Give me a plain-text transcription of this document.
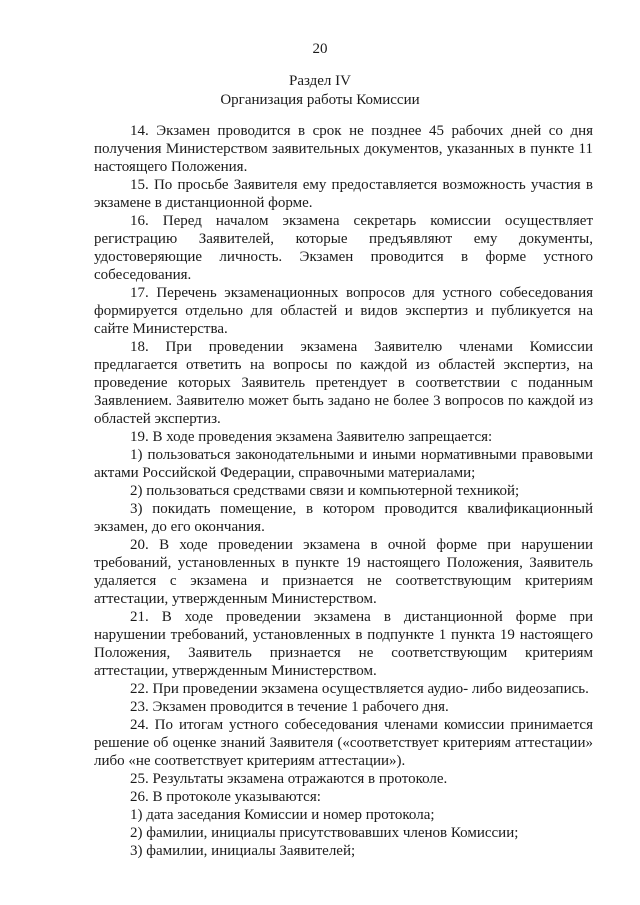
20
Раздел IV
Организация работы Комиссии

14. Экзамен проводится в срок не позднее 45 рабочих дней со дня получения Министерством заявительных документов, указанных в пункте 11 настоящего Положения.

15. По просьбе Заявителя ему предоставляется возможность участия в экзамене в дистанционной форме.

16. Перед началом экзамена секретарь комиссии осуществляет регистрацию Заявителей, которые предъявляют ему документы, удостоверяющие личность. Экзамен проводится в форме устного собеседования.

17. Перечень экзаменационных вопросов для устного собеседования формируется отдельно для областей и видов экспертиз и публикуется на сайте Министерства.

18. При проведении экзамена Заявителю членами Комиссии предлагается ответить на вопросы по каждой из областей экспертиз, на проведение которых Заявитель претендует в соответствии с поданным Заявлением. Заявителю может быть задано не более 3 вопросов по каждой из областей экспертиз.

19. В ходе проведения экзамена Заявителю запрещается:

1) пользоваться законодательными и иными нормативными правовыми актами Российской Федерации, справочными материалами;

2) пользоваться средствами связи и компьютерной техникой;

3) покидать помещение, в котором проводится квалификационный экзамен, до его окончания.

20. В ходе проведении экзамена в очной форме при нарушении требований, установленных в пункте 19 настоящего Положения, Заявитель удаляется с экзамена и признается не соответствующим критериям аттестации, утвержденным Министерством.

21. В ходе проведении экзамена в дистанционной форме при нарушении требований, установленных в подпункте 1 пункта 19 настоящего Положения, Заявитель признается не соответствующим критериям аттестации, утвержденным Министерством.

22. При проведении экзамена осуществляется аудио- либо видеозапись.

23. Экзамен проводится в течение 1 рабочего дня.

24. По итогам устного собеседования членами комиссии принимается решение об оценке знаний Заявителя («соответствует критериям аттестации» либо «не соответствует критериям аттестации»).

25. Результаты экзамена отражаются в протоколе.

26. В протоколе указываются:

1) дата заседания Комиссии и номер протокола;

2) фамилии, инициалы присутствовавших членов Комиссии;

3) фамилии, инициалы Заявителей;
